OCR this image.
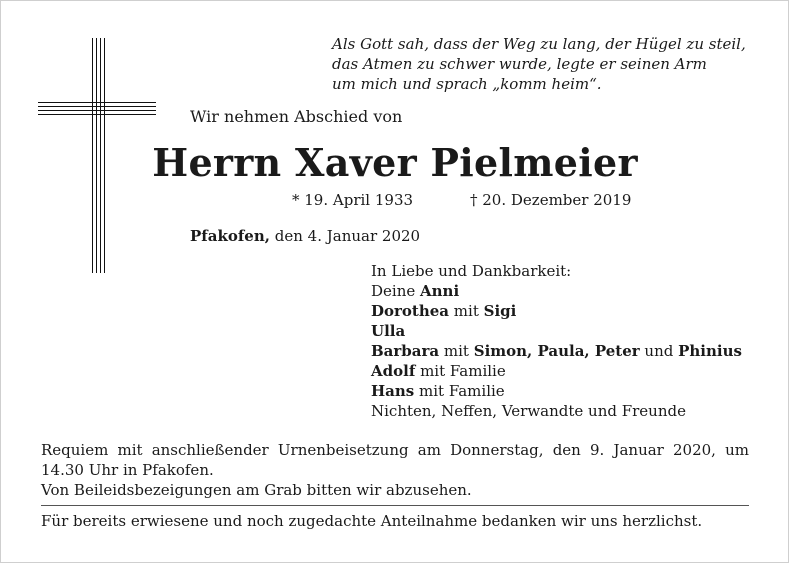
Als Gott sah, dass der Weg zu lang, der Hügel zu steil,
das Atmen zu schwer wurde, legte er seinen Arm
um mich und sprach „komm heim“.
Wir nehmen Abschied von
Herrn Xaver Pielmeier
* 19. April 1933	† 20. Dezember 2019
Pfakofen, den 4. Januar 2020
In Liebe und Dankbarkeit:
Deine Anni
Dorothea mit Sigi
Ulla
Barbara mit Simon, Paula, Peter und Phinius
Adolf mit Familie
Hans mit Familie
Nichten, Neffen, Verwandte und Freunde
Requiem mit anschließender Urnenbeisetzung am Donnerstag, den 9. Januar 2020, um 14.30 Uhr in Pfakofen.
Von Beileidsbezeigungen am Grab bitten wir abzusehen.
Für bereits erwiesene und noch zugedachte Anteilnahme bedanken wir uns herzlichst.
